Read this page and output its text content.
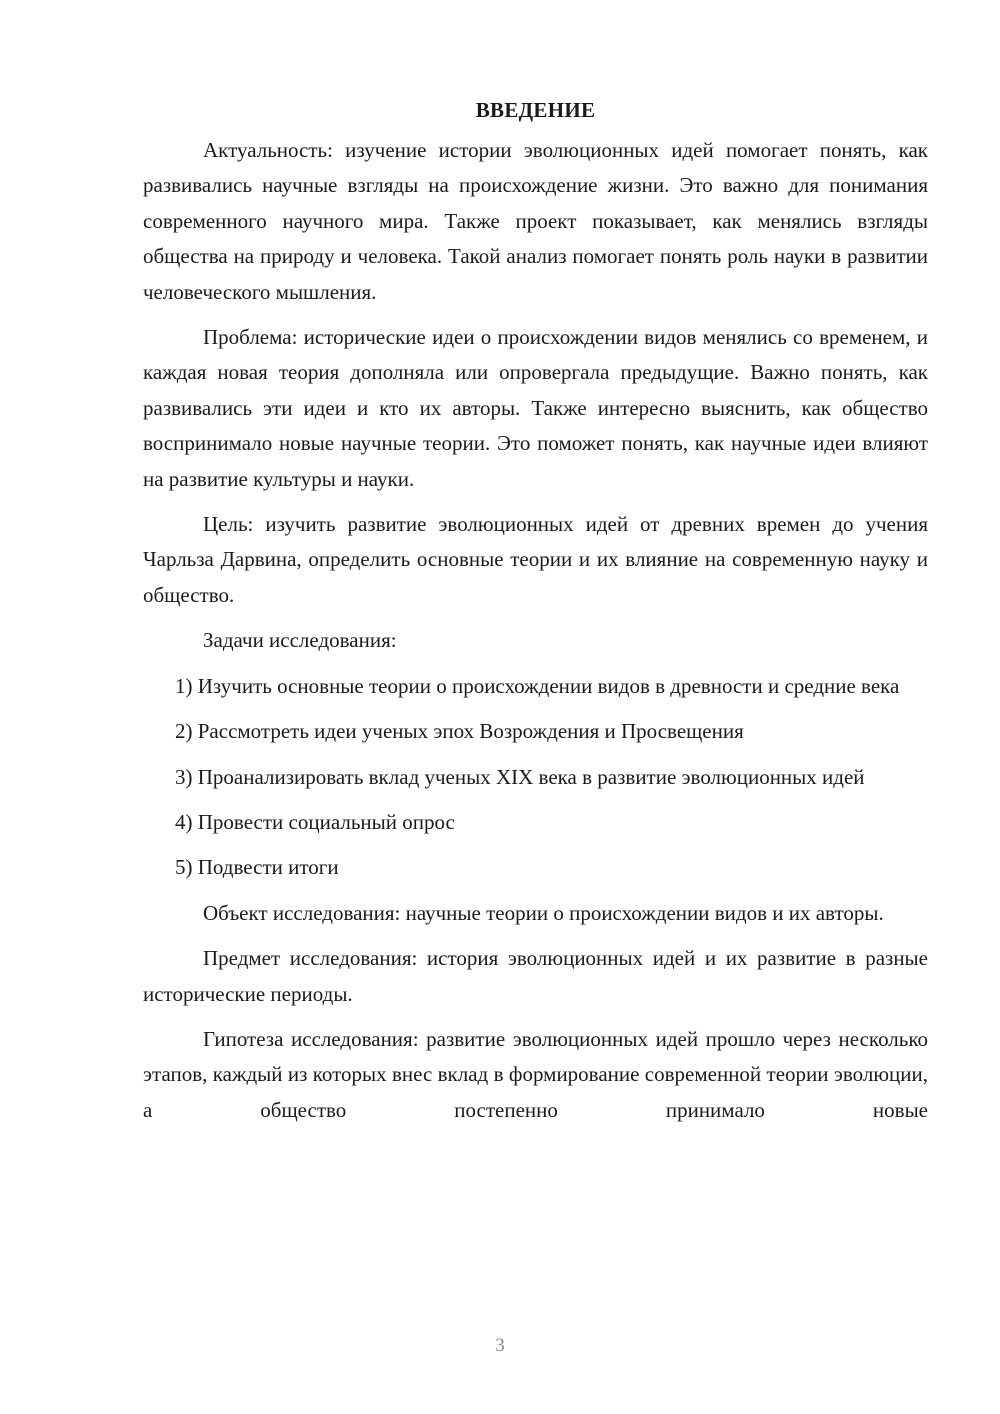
ВВЕДЕНИЕ

Актуальность: изучение истории эволюционных идей помогает понять, как развивались научные взгляды на происхождение жизни. Это важно для понимания современного научного мира. Также проект показывает, как менялись взгляды общества на природу и человека. Такой анализ помогает понять роль науки в развитии человеческого мышления.

Проблема: исторические идеи о происхождении видов менялись со временем, и каждая новая теория дополняла или опровергала предыдущие. Важно понять, как развивались эти идеи и кто их авторы. Также интересно выяснить, как общество воспринимало новые научные теории. Это поможет понять, как научные идеи влияют на развитие культуры и науки.

Цель: изучить развитие эволюционных идей от древних времен до учения Чарльза Дарвина, определить основные теории и их влияние на современную науку и общество.

Задачи исследования:

1) Изучить основные теории о происхождении видов в древности и средние века

2) Рассмотреть идеи ученых эпох Возрождения и Просвещения

3) Проанализировать вклад ученых XIX века в развитие эволюционных идей

4) Провести социальный опрос

5) Подвести итоги

Объект исследования: научные теории о происхождении видов и их авторы.

Предмет исследования: история эволюционных идей и их развитие в разные исторические периоды.

Гипотеза исследования: развитие эволюционных идей прошло через несколько этапов, каждый из которых внес вклад в формирование современной теории эволюции, а общество постепенно принимало новые

3
